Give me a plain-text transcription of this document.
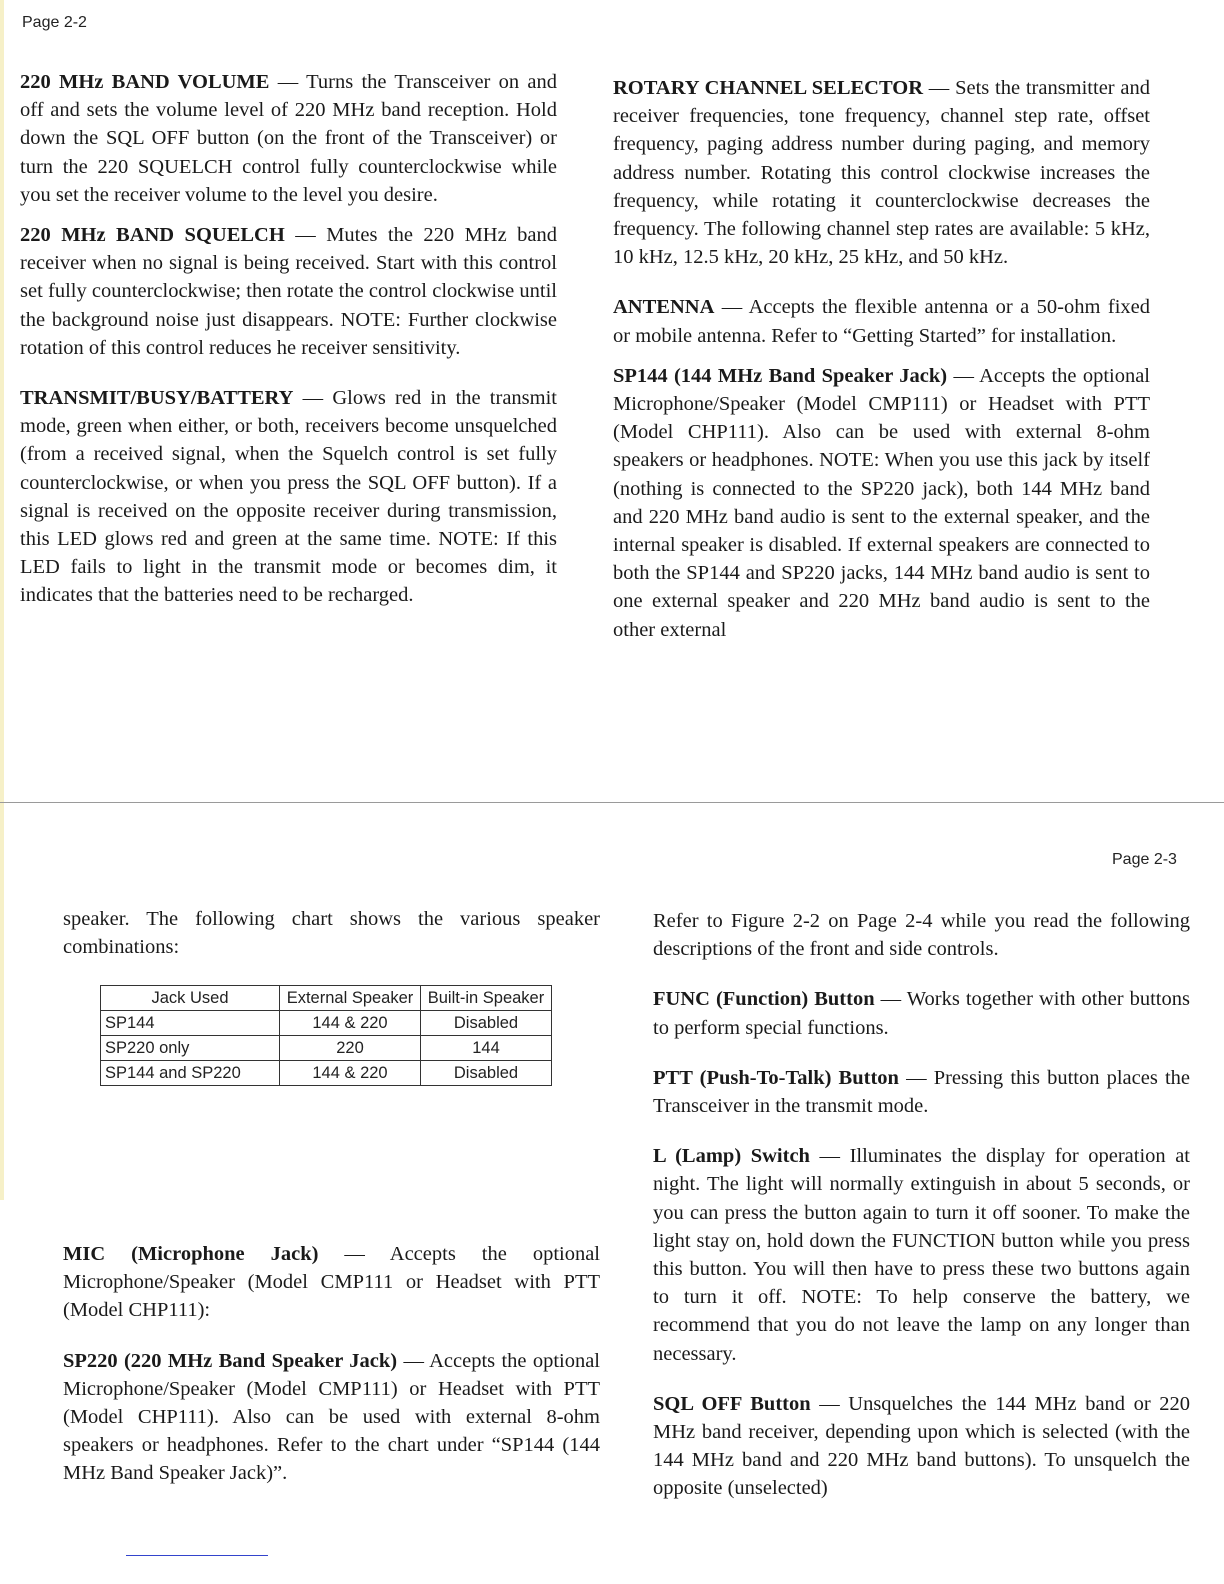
Page 2-2

220 MHz BAND VOLUME — Turns the Transceiver on and off and sets the volume level of 220 MHz band reception. Hold down the SQL OFF button (on the front of the Transceiver) or turn the 220 SQUELCH control fully counterclockwise while you set the receiver volume to the level you desire.

220 MHz BAND SQUELCH — Mutes the 220 MHz band receiver when no signal is being received. Start with this control set fully counterclockwise; then rotate the control clockwise until the background noise just disappears. NOTE: Further clockwise rotation of this control reduces he receiver sensitivity.

TRANSMIT/BUSY/BATTERY — Glows red in the transmit mode, green when either, or both, receivers become unsquelched (from a received signal, when the Squelch control is set fully counterclockwise, or when you press the SQL OFF button). If a signal is received on the opposite receiver during transmission, this LED glows red and green at the same time. NOTE: If this LED fails to light in the transmit mode or becomes dim, it indicates that the batteries need to be recharged.

ROTARY CHANNEL SELECTOR — Sets the transmitter and receiver frequencies, tone frequency, channel step rate, offset frequency, paging address number during paging, and memory address number. Rotating this control clockwise increases the frequency, while rotating it counterclockwise decreases the frequency. The following channel step rates are available: 5 kHz, 10 kHz, 12.5 kHz, 20 kHz, 25 kHz, and 50 kHz.

ANTENNA — Accepts the flexible antenna or a 50-ohm fixed or mobile antenna. Refer to “Getting Started” for installation.

SP144 (144 MHz Band Speaker Jack) — Accepts the optional Microphone/Speaker (Model CMP111) or Headset with PTT (Model CHP111). Also can be used with external 8-ohm speakers or headphones. NOTE: When you use this jack by itself (nothing is connected to the SP220 jack), both 144 MHz band and 220 MHz band audio is sent to the external speaker, and the internal speaker is disabled. If external speakers are connected to both the SP144 and SP220 jacks, 144 MHz band audio is sent to one external speaker and 220 MHz band audio is sent to the other external

Page 2-3

speaker. The following chart shows the various speaker combinations:

Jack Used	External Speaker	Built-in Speaker
SP144	144 & 220	Disabled
SP220 only	220	144
SP144 and SP220	144 & 220	Disabled

MIC (Microphone Jack) — Accepts the optional Microphone/Speaker (Model CMP111 or Headset with PTT (Model CHP111):

SP220 (220 MHz Band Speaker Jack) — Accepts the optional Microphone/Speaker (Model CMP111) or Headset with PTT (Model CHP111). Also can be used with external 8-ohm speakers or headphones. Refer to the chart under “SP144 (144 MHz Band Speaker Jack)”.

Refer to Figure 2-2 on Page 2-4 while you read the following descriptions of the front and side controls.

FUNC (Function) Button — Works together with other buttons to perform special functions.

PTT (Push-To-Talk) Button — Pressing this button places the Transceiver in the transmit mode.

L (Lamp) Switch — Illuminates the display for operation at night. The light will normally extinguish in about 5 seconds, or you can press the button again to turn it off sooner. To make the light stay on, hold down the FUNCTION button while you press this button. You will then have to press these two buttons again to turn it off. NOTE: To help conserve the battery, we recommend that you do not leave the lamp on any longer than necessary.

SQL OFF Button — Unsquelches the 144 MHz band or 220 MHz band receiver, depending upon which is selected (with the 144 MHz band and 220 MHz band buttons). To unsquelch the opposite (unselected)
